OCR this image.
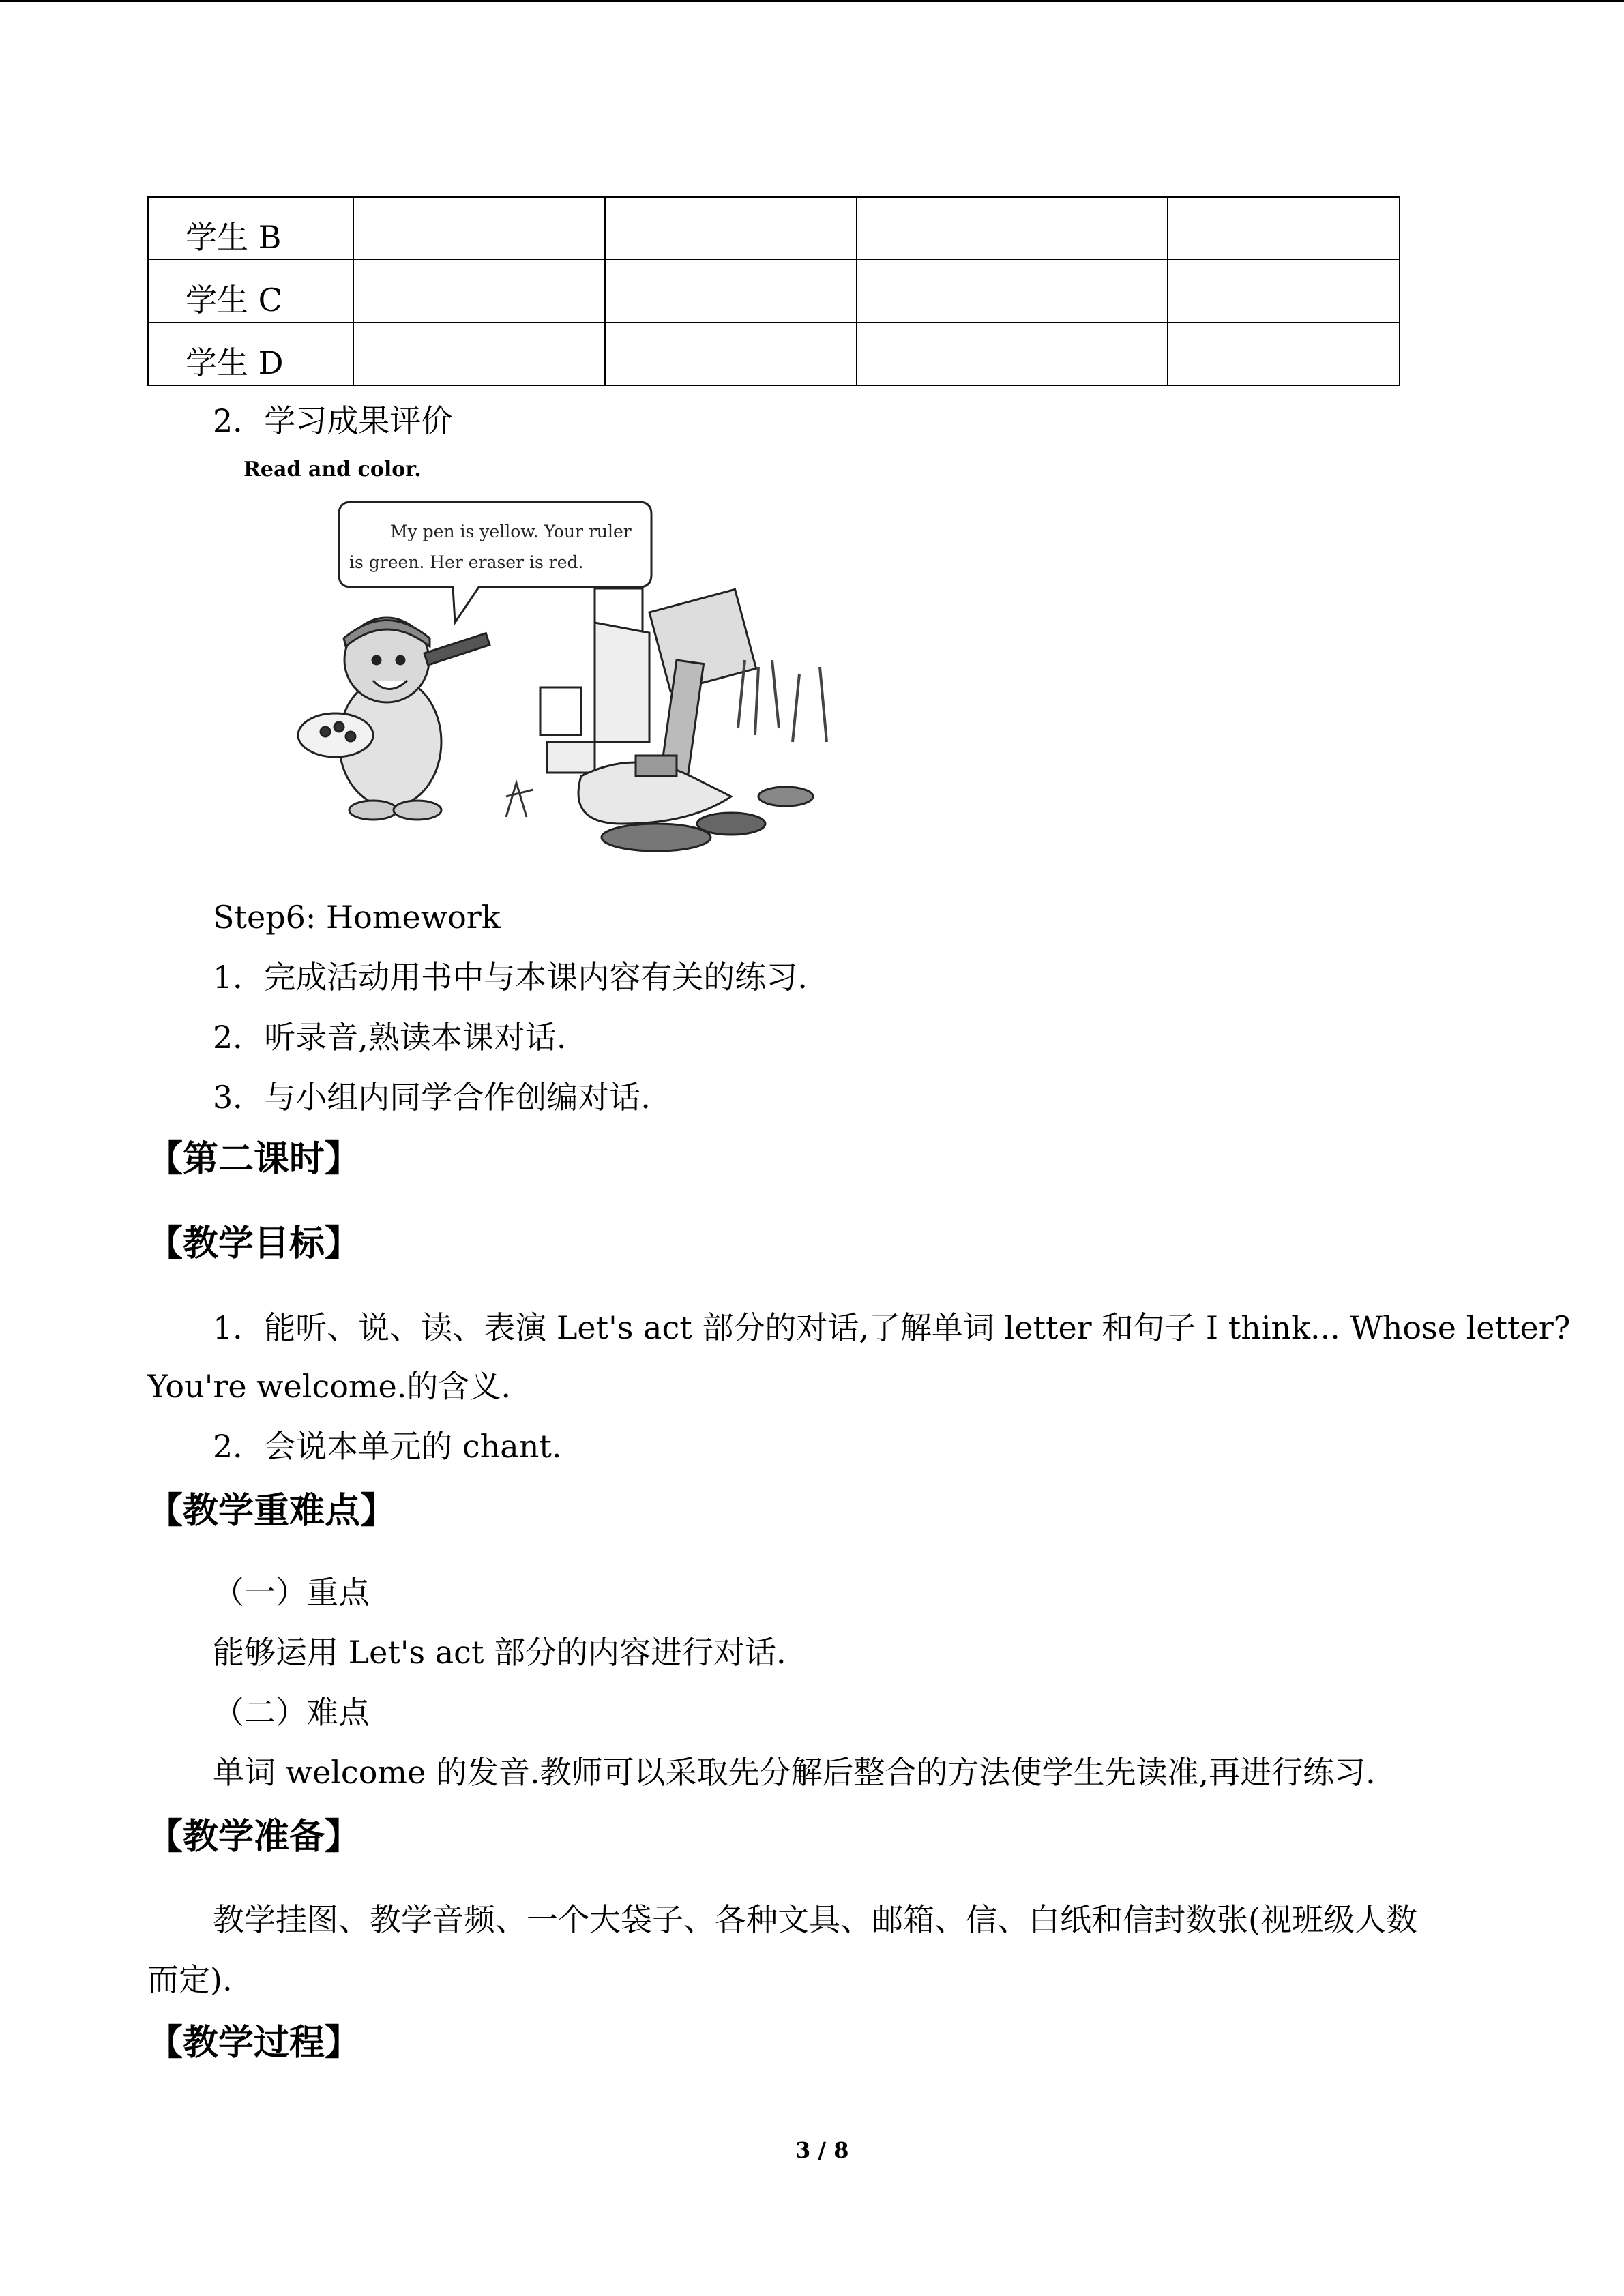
学生 B				
学生 C				
学生 D				
2．学习成果评价
Read and color.
My pen is yellow. Your ruler
is green. Her eraser is red.
Step6: Homework
1．完成活动用书中与本课内容有关的练习.
2．听录音,熟读本课对话.
3．与小组内同学合作创编对话.
【第二课时】
【教学目标】
1．能听、说、读、表演 Let's act 部分的对话,了解单词 letter 和句子 I think... Whose letter?
You're welcome.的含义.
2．会说本单元的 chant.
【教学重难点】
（一）重点
能够运用 Let's act 部分的内容进行对话.
（二）难点
单词 welcome 的发音.教师可以采取先分解后整合的方法使学生先读准,再进行练习.
【教学准备】
教学挂图、教学音频、一个大袋子、各种文具、邮箱、信、白纸和信封数张(视班级人数
而定).
【教学过程】
3 / 8
